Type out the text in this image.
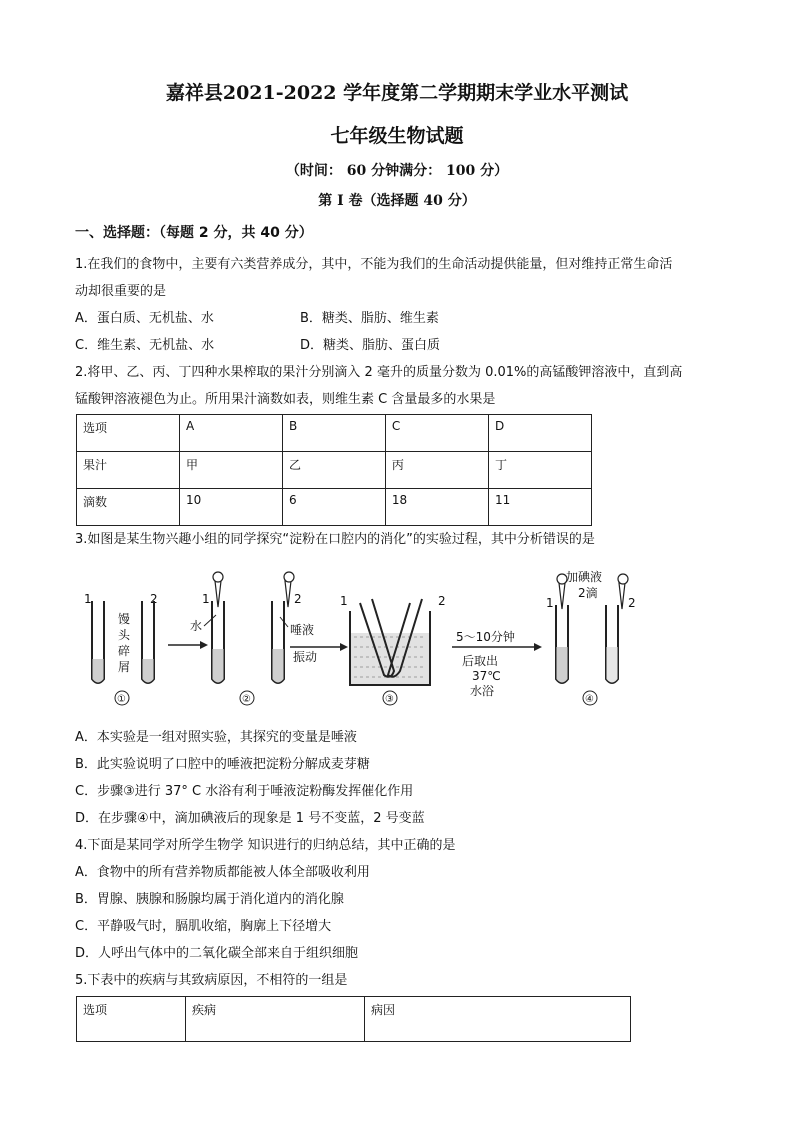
嘉祥县2021-2022 学年度第二学期期末学业水平测试
七年级生物试题
（时间： 60 分钟满分： 100 分）
第 I 卷（选择题 40 分）
一、选择题：（每题 2 分，共 40 分）
1.在我们的食物中，主要有六类营养成分，其中，不能为我们的生命活动提供能量，但对维持正常生命活
动却很重要的是
A．蛋白质、无机盐、水	B．糖类、脂肪、维生素
C．维生素、无机盐、水	D．糖类、脂肪、蛋白质
2.将甲、乙、丙、丁四种水果榨取的果汁分别滴入 2 毫升的质量分数为 0.01%的高锰酸钾溶液中，直到高
锰酸钾溶液褪色为止。所用果汁滴数如表，则维生素 C 含量最多的水果是
选项	A	B	C	D
果汁	甲	乙	丙	丁
滴数	10	6	18	11
3.如图是某生物兴趣小组的同学探究“淀粉在口腔内的消化”的实验过程，其中分析错误的是
1	2
馒
头
碎
屑
①
1	2
水	唾液
振动
②
1	2
③
5～10分钟
后取出
37℃
水浴
1	2
加碘液
2滴
④
A．本实验是一组对照实验，其探究的变量是唾液
B．此实验说明了口腔中的唾液把淀粉分解成麦芽糖
C．步骤③进行 37° C 水浴有利于唾液淀粉酶发挥催化作用
D．在步骤④中，滴加碘液后的现象是 1 号不变蓝，2 号变蓝
4.下面是某同学对所学生物学 知识进行的归纳总结，其中正确的是
A．食物中的所有营养物质都能被人体全部吸收利用
B．胃腺、胰腺和肠腺均属于消化道内的消化腺
C．平静吸气时，膈肌收缩，胸廓上下径增大
D．人呼出气体中的二氧化碳全部来自于组织细胞
5.下表中的疾病与其致病原因，不相符的一组是
选项	疾病	病因
